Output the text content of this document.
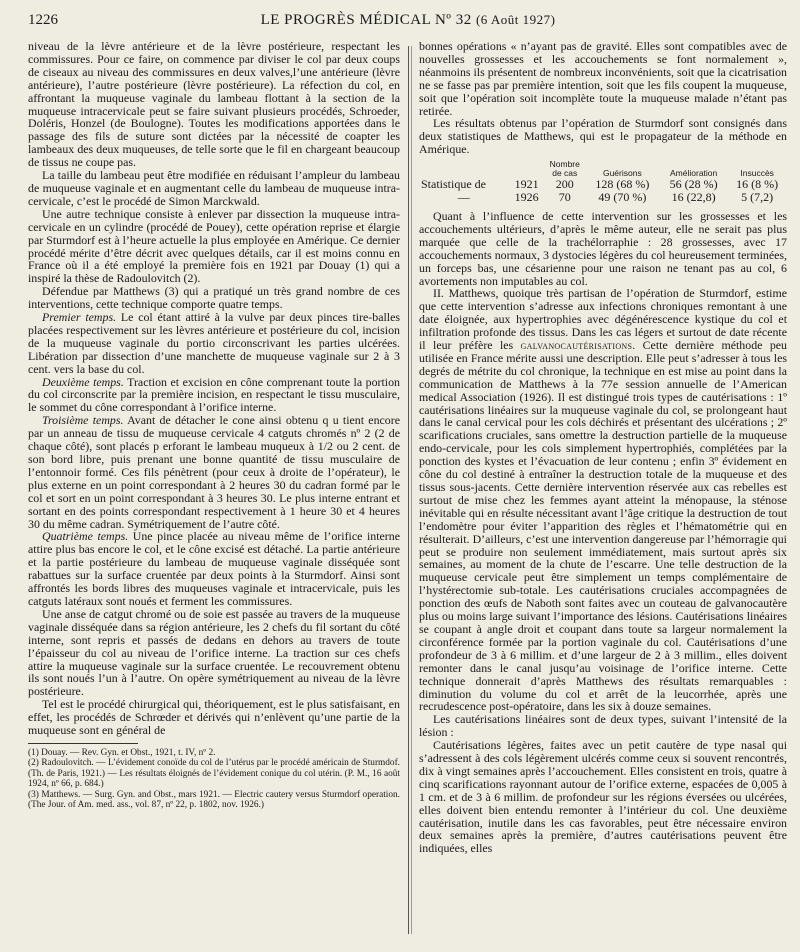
1226	LE PROGRÈS MÉDICAL Nº 32 (6 Août 1927)

niveau de la lèvre antérieure et de la lèvre postérieure, respectant les commissures. Pour ce faire, on commence par diviser le col par deux coups de ciseaux au niveau des commissures en deux valves,l’une antérieure (lèvre antérieure), l’autre postérieure (lèvre postérieure). La réfection du col, en affrontant la muqueuse vaginale du lambeau flottant à la section de la muqueuse intracervicale peut se faire suivant plusieurs procédés, Schroeder, Doléris, Honzel (de Boulogne). Toutes les modifications apportées dans le passage des fils de suture sont dictées par la nécessité de coapter les lambeaux des deux muqueuses, de telle sorte que le fil en chargeant beaucoup de tissus ne coupe pas.

La taille du lambeau peut être modifiée en réduisant l’ampleur du lambeau de muqueuse vaginale et en augmentant celle du lambeau de muqueuse intra-cervicale, c’est le procédé de Simon Marckwald.

Une autre technique consiste à enlever par dissection la muqueuse intra-cervicale en un cylindre (procédé de Pouey), cette opération reprise et élargie par Sturmdorf est à l’heure actuelle la plus employée en Amérique. Ce dernier procédé mérite d’être décrit avec quelques détails, car il est moins connu en France où il a été employé la première fois en 1921 par Douay (1) qui a inspiré la thèse de Radoulovitch (2).

Défendue par Matthews (3) qui a pratiqué un très grand nombre de ces interventions, cette technique comporte quatre temps.

Premier temps. Le col étant attiré à la vulve par deux pinces tire-balles placées respectivement sur les lèvres antérieure et postérieure du col, incision de la muqueuse vaginale du portio circonscrivant les parties ulcérées. Libération par dissection d’une manchette de muqueuse vaginale sur 2 à 3 cent. vers la base du col.

Deuxième temps. Traction et excision en cône comprenant toute la portion du col circonscrite par la première incision, en respectant le tissu musculaire, le sommet du cône correspondant à l’orifice interne.

Troisième temps. Avant de détacher le cone ainsi obtenu q u tient encore par un anneau de tissu de muqueuse cervicale 4 catguts chromés nº 2 (2 de chaque côté), sont placés p erforant le lambeau muqueux à 1/2 ou 2 cent. de son bord libre, puis prenant une bonne quantité de tissu musculaire de l’entonnoir formé. Ces fils pénètrent (pour ceux à droite de l’opérateur), le plus externe en un point correspondant à 2 heures 30 du cadran formé par le col et sort en un point correspondant à 3 heures 30. Le plus interne entrant et sortant en des points correspondant respectivement à 1 heure 30 et 4 heures 30 du même cadran. Symétriquement de l’autre côté.

Quatrième temps. Une pince placée au niveau même de l’orifice interne attire plus bas encore le col, et le cône excisé est détaché. La partie antérieure et la partie postérieure du lambeau de muqueuse vaginale disséquée sont rabattues sur la surface cruentée par deux points à la Sturmdorf. Ainsi sont affrontés les bords libres des muqueuses vaginale et intracervicale, puis les catguts latéraux sont noués et ferment les commissures.

Une anse de catgut chromé ou de soie est passée au travers de la muqueuse vaginale disséquée dans sa région antérieure, les 2 chefs du fil sortant du côté interne, sont repris et passés de dedans en dehors au travers de toute l’épaisseur du col au niveau de l’orifice interne. La traction sur ces chefs attire la muqueuse vaginale sur la surface cruentée. Le recouvrement obtenu ils sont noués l’un à l’autre. On opère symétriquement au niveau de la lèvre postérieure.

Tel est le procédé chirurgical qui, théoriquement, est le plus satisfaisant, en effet, les procédés de Schrœder et dérivés qui n’enlèvent qu’une partie de la muqueuse sont en général de

(1) Douay. — Rev. Gyn. et Obst., 1921, t. IV, nº 2.

(2) Radoulovitch. — L’évidement conoïde du col de l’utérus par le procédé américain de Sturmdof. (Th. de Paris, 1921.) — Les résultats éloignés de l’évidement conique du col utérin. (P. M., 16 août 1924, nº 66, p. 684.)

(3) Matthews. — Surg. Gyn. and Obst., mars 1921. — Electric cautery versus Sturmdorf operation. (The Jour. of Am. med. ass., vol. 87, nº 22, p. 1802, nov. 1926.)

bonnes opérations « n’ayant pas de gravité. Elles sont compatibles avec de nouvelles grossesses et les accouchements se font normalement », néanmoins ils présentent de nombreux inconvénients, soit que la cicatrisation ne se fasse pas par première intention, soit que les fils coupent la muqueuse, soit que l’opération soit incomplète toute la muqueuse malade n’étant pas retirée.

Les résultats obtenus par l’opération de Sturmdorf sont consignés dans deux statistiques de Matthews, qui est le propagateur de la méthode en Amérique.

		Nombre de cas	Guérisons	Amélioration	Insuccès
Statistique de	1921	200	128 (68 %)	56 (28 %)	16 (8 %)
—	1926	70	49 (70 %)	16 (22,8)	5 (7,2)

Quant à l’influence de cette intervention sur les grossesses et les accouchements ultérieurs, d’après le même auteur, elle ne serait pas plus marquée que celle de la trachélorraphie : 28 grossesses, avec 17 accouchements normaux, 3 dystocies légères du col heureusement terminées, un forceps bas, une césarienne pour une raison ne tenant pas au col, 6 avortements non imputables au col.

II. Matthews, quoique très partisan de l’opération de Sturmdorf, estime que cette intervention s’adresse aux infections chroniques remontant à une date éloignée, aux hypertrophies avec dégénérescence kystique du col et infiltration profonde des tissus. Dans les cas légers et surtout de date récente il leur préfère les galvanocautérisations. Cette dernière méthode peu utilisée en France mérite aussi une description. Elle peut s’adresser à tous les degrés de métrite du col chronique, la technique en est mise au point dans la communication de Matthews à la 77e session annuelle de l’American medical Association (1926). Il est distingué trois types de cautérisations : 1º cautérisations linéaires sur la muqueuse vaginale du col, se prolongeant haut dans le canal cervical pour les cols déchirés et présentant des ulcérations ; 2º scarifications cruciales, sans omettre la destruction partielle de la muqueuse endo-cervicale, pour les cols simplement hypertrophiés, complétées par la ponction des kystes et l’évacuation de leur contenu ; enfin 3º évidement en cône du col destiné à entraîner la destruction totale de la muqueuse et des tissus sous-jacents. Cette dernière intervention réservée aux cas rebelles est surtout de mise chez les femmes ayant atteint la ménopause, la sténose inévitable qui en résulte nécessitant avant l’âge critique la destruction de tout l’endomètre pour éviter l’apparition des règles et l’hématométrie qui en résulterait. D’ailleurs, c’est une intervention dangereuse par l’hémorragie qui peut se produire non seulement immédiatement, mais surtout après six semaines, au moment de la chute de l’escarre. Une telle destruction de la muqueuse cervicale peut être simplement un temps complémentaire de l’hystérectomie sub-totale. Les cautérisations cruciales accompagnées de ponction des œufs de Naboth sont faites avec un couteau de galvanocautère plus ou moins large suivant l’importance des lésions. Cautérisations linéaires se coupant à angle droit et coupant dans toute sa largeur normalement la circonférence formée par la portion vaginale du col. Cautérisations d’une profondeur de 3 à 6 millim. et d’une largeur de 2 à 3 millim., elles doivent remonter dans le canal jusqu’au voisinage de l’orifice interne. Cette technique donnerait d’après Matthews des résultats remarquables : diminution du volume du col et arrêt de la leucorrhée, après une recrudescence post-opératoire, dans les six à douze semaines.

Les cautérisations linéaires sont de deux types, suivant l’intensité de la lésion :

Cautérisations légères, faites avec un petit cautère de type nasal qui s’adressent à des cols légèrement ulcérés comme ceux si souvent rencontrés, dix à vingt semaines après l’accouchement. Elles consistent en trois, quatre à cinq scarifications rayonnant autour de l’orifice externe, espacées de 0,005 à 1 cm. et de 3 à 6 millim. de profondeur sur les régions éversées ou ulcérées, elles doivent bien entendu remonter à l’intérieur du col. Une deuxième cautérisation, inutile dans les cas favorables, peut être nécessaire environ deux semaines après la première, d’autres cautérisations peuvent être indiquées, elles
